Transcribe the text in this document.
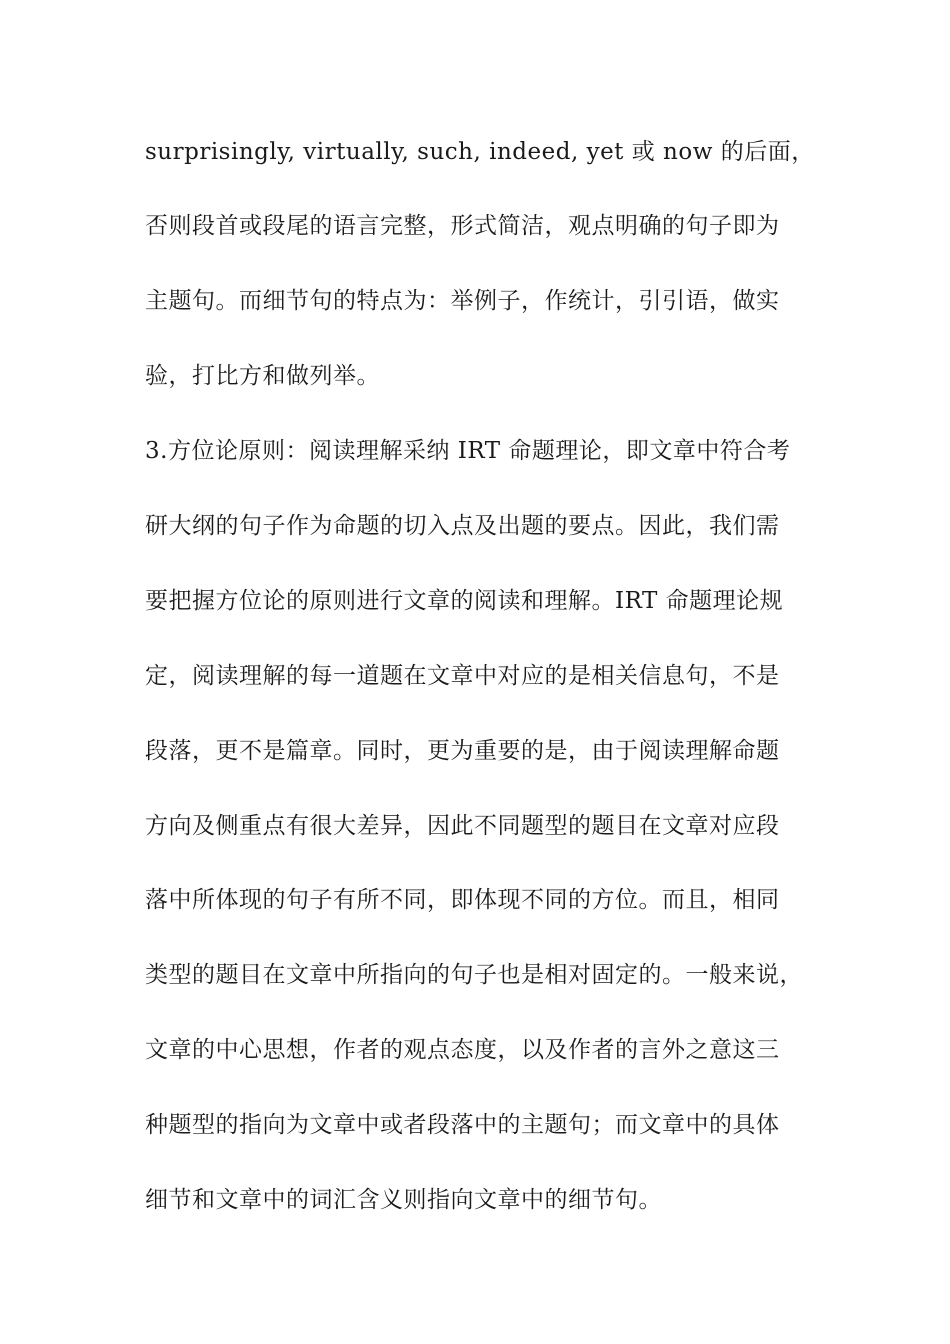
surprisingly, virtually, such, indeed, yet 或 now 的后面，
否则段首或段尾的语言完整，形式简洁，观点明确的句子即为
主题句。而细节句的特点为：举例子，作统计，引引语，做实
验，打比方和做列举。
3.方位论原则：阅读理解采纳 IRT 命题理论，即文章中符合考
研大纲的句子作为命题的切入点及出题的要点。因此，我们需
要把握方位论的原则进行文章的阅读和理解。IRT 命题理论规
定，阅读理解的每一道题在文章中对应的是相关信息句，不是
段落，更不是篇章。同时，更为重要的是，由于阅读理解命题
方向及侧重点有很大差异，因此不同题型的题目在文章对应段
落中所体现的句子有所不同，即体现不同的方位。而且，相同
类型的题目在文章中所指向的句子也是相对固定的。一般来说，
文章的中心思想，作者的观点态度，以及作者的言外之意这三
种题型的指向为文章中或者段落中的主题句；而文章中的具体
细节和文章中的词汇含义则指向文章中的细节句。
